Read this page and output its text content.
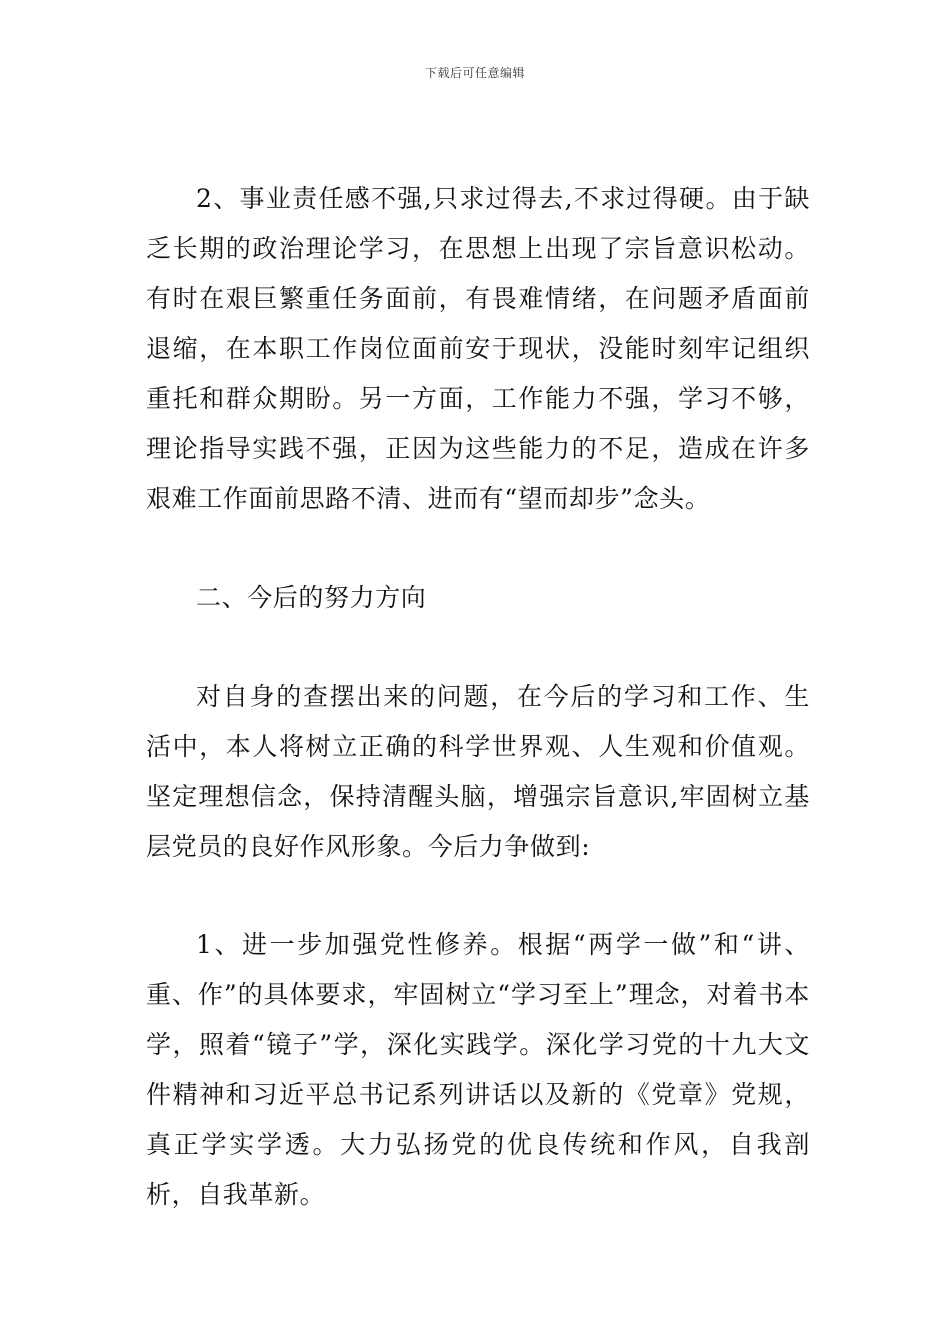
下载后可任意编辑

2、事业责任感不强,只求过得去,不求过得硬。由于缺乏长期的政治理论学习，在思想上出现了宗旨意识松动。有时在艰巨繁重任务面前，有畏难情绪，在问题矛盾面前退缩，在本职工作岗位面前安于现状，没能时刻牢记组织重托和群众期盼。另一方面，工作能力不强，学习不够，理论指导实践不强，正因为这些能力的不足，造成在许多艰难工作面前思路不清、进而有“望而却步”念头。

二、今后的努力方向

对自身的查摆出来的问题，在今后的学习和工作、生活中，本人将树立正确的科学世界观、人生观和价值观。坚定理想信念，保持清醒头脑，增强宗旨意识,牢固树立基层党员的良好作风形象。今后力争做到:

1、进一步加强党性修养。根据“两学一做”和“讲、重、作”的具体要求，牢固树立“学习至上”理念，对着书本学，照着“镜子”学，深化实践学。深化学习党的十九大文件精神和习近平总书记系列讲话以及新的《党章》党规，真正学实学透。大力弘扬党的优良传统和作风，自我剖析，自我革新。
